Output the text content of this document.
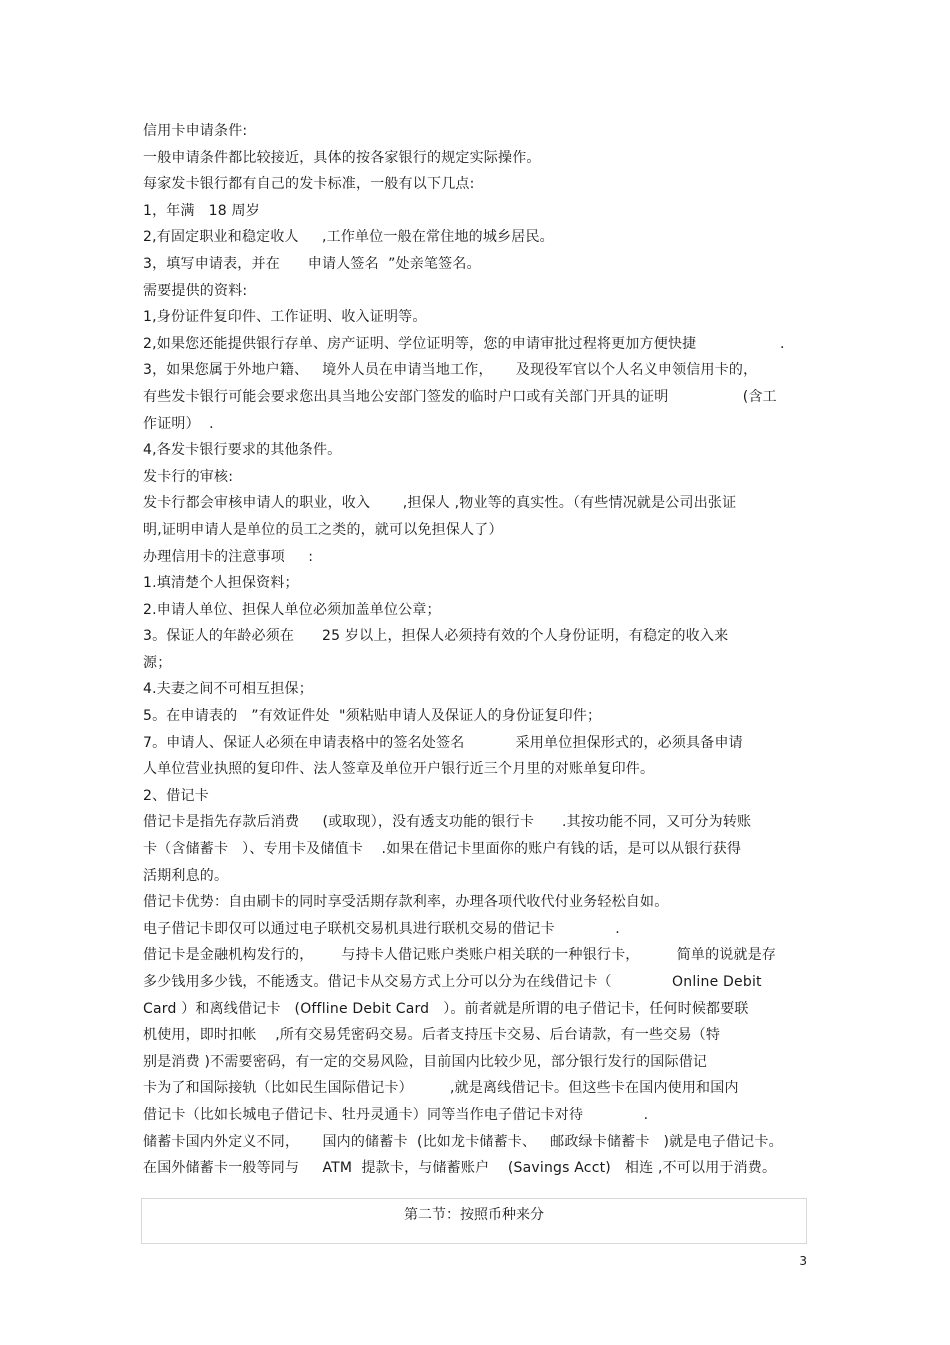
信用卡申请条件:
一般申请条件都比较接近，具体的按各家银行的规定实际操作。
每家发卡银行都有自己的发卡标准，一般有以下几点:
1，年满   18 周岁
2,有固定职业和稳定收人     ,工作单位一般在常住地的城乡居民。
3，填写申请表，并在      申请人签名  ”处亲笔签名。
需要提供的资料:
1,身份证件复印件、工作证明、收入证明等。
2,如果您还能提供银行存单、房产证明、学位证明等，您的申请审批过程将更加方便快捷                  .
3，如果您属于外地户籍、   境外人员在申请当地工作，     及现役军官以个人名义申领信用卡的，
有些发卡银行可能会要求您出具当地公安部门签发的临时户口或有关部门开具的证明                (含工
作证明）  .
4,各发卡银行要求的其他条件。
发卡行的审核:
发卡行都会审核申请人的职业，收入       ,担保人 ,物业等的真实性。（有些情况就是公司出张证
明,证明申请人是单位的员工之类的，就可以免担保人了）
办理信用卡的注意事项     :
1.填清楚个人担保资料；
2.申请人单位、担保人单位必须加盖单位公章；
3。保证人的年龄必须在      25 岁以上，担保人必须持有效的个人身份证明，有稳定的收入来
源；
4.夫妻之间不可相互担保；
5。在申请表的   ”有效证件处  "须粘贴申请人及保证人的身份证复印件；
7。申请人、保证人必须在申请表格中的签名处签名           采用单位担保形式的，必须具备申请
人单位营业执照的复印件、法人签章及单位开户银行近三个月里的对账单复印件。
2、借记卡
借记卡是指先存款后消费     (或取现），没有透支功能的银行卡      .其按功能不同，又可分为转账
卡（含储蓄卡   ）、专用卡及储值卡    .如果在借记卡里面你的账户有钱的话，是可以从银行获得
活期利息的。
借记卡优势：自由刷卡的同时享受活期存款利率，办理各项代收代付业务轻松自如。
电子借记卡即仅可以通过电子联机交易机具进行联机交易的借记卡             .
借记卡是金融机构发行的，      与持卡人借记账户类账户相关联的一种银行卡，        简单的说就是存
多少钱用多少钱，不能透支。借记卡从交易方式上分可以分为在线借记卡（             Online Debit
Card ）和离线借记卡   (Offline Debit Card   ）。前者就是所谓的电子借记卡，任何时候都要联
机使用，即时扣帐    ,所有交易凭密码交易。后者支持压卡交易、后台请款，有一些交易（特
别是消费 )不需要密码，有一定的交易风险，目前国内比较少见，部分银行发行的国际借记
卡为了和国际接轨（比如民生国际借记卡）        ,就是离线借记卡。但这些卡在国内使用和国内
借记卡（比如长城电子借记卡、牡丹灵通卡）同等当作电子借记卡对待             .
储蓄卡国内外定义不同，     国内的储蓄卡  (比如龙卡储蓄卡、   邮政绿卡储蓄卡   )就是电子借记卡。
在国外储蓄卡一般等同与     ATM  提款卡，与储蓄账户    (Savings Acct)   相连 ,不可以用于消费。
第二节：按照币种来分
3
